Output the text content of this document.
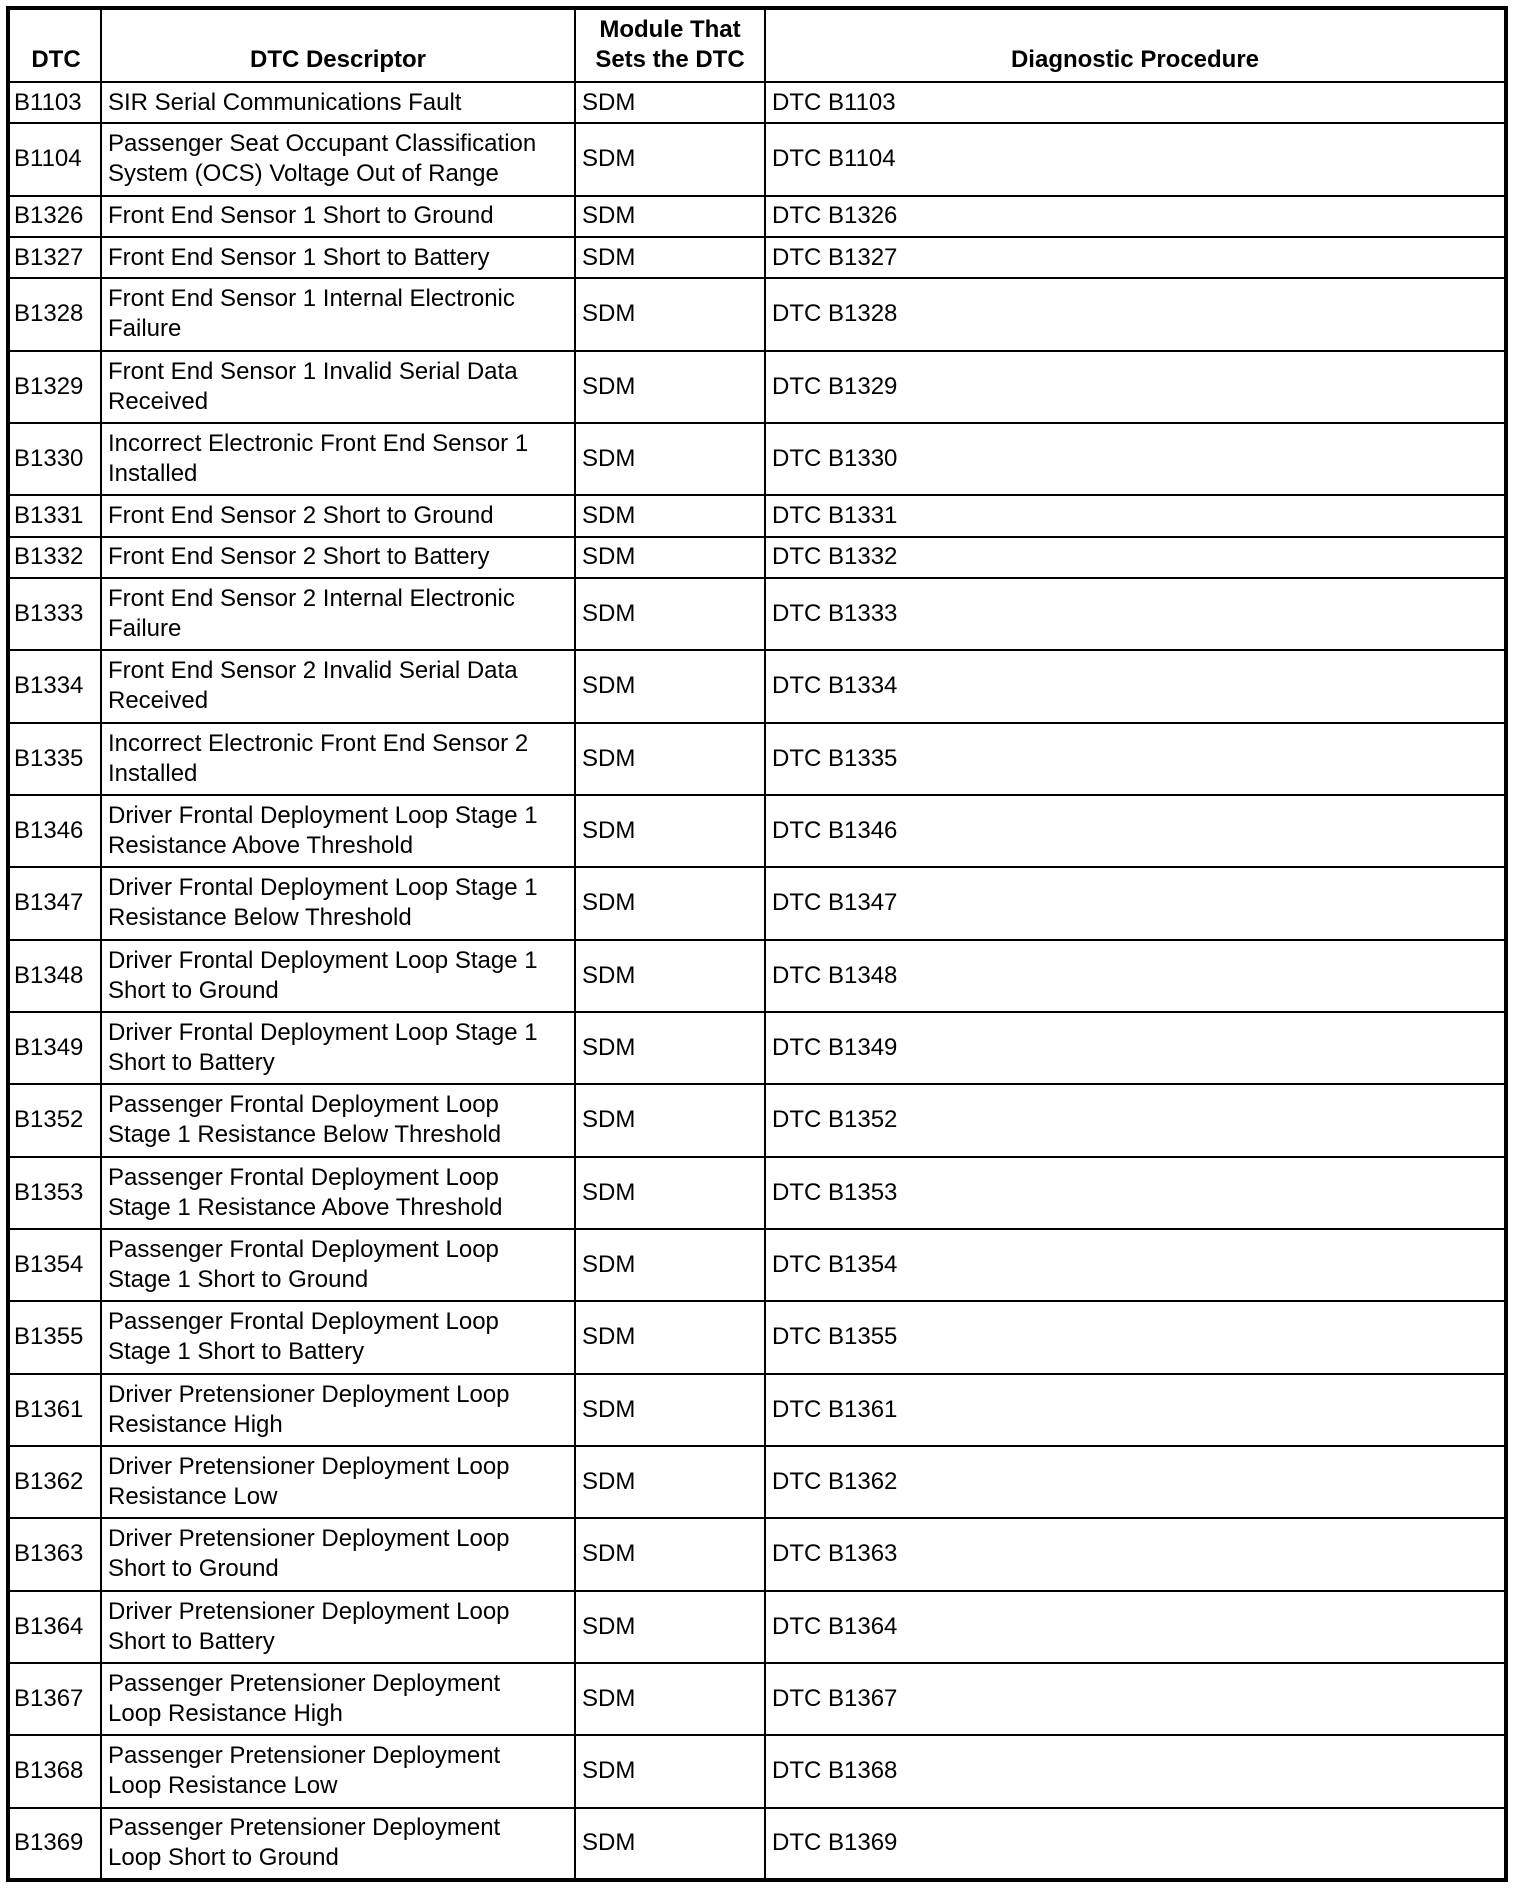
DTC	DTC Descriptor	Module That
Sets the DTC	Diagnostic Procedure
B1103	SIR Serial Communications Fault	SDM	DTC B1103
B1104	Passenger Seat Occupant Classification
System (OCS) Voltage Out of Range	SDM	DTC B1104
B1326	Front End Sensor 1 Short to Ground	SDM	DTC B1326
B1327	Front End Sensor 1 Short to Battery	SDM	DTC B1327
B1328	Front End Sensor 1 Internal Electronic
Failure	SDM	DTC B1328
B1329	Front End Sensor 1 Invalid Serial Data
Received	SDM	DTC B1329
B1330	Incorrect Electronic Front End Sensor 1
Installed	SDM	DTC B1330
B1331	Front End Sensor 2 Short to Ground	SDM	DTC B1331
B1332	Front End Sensor 2 Short to Battery	SDM	DTC B1332
B1333	Front End Sensor 2 Internal Electronic
Failure	SDM	DTC B1333
B1334	Front End Sensor 2 Invalid Serial Data
Received	SDM	DTC B1334
B1335	Incorrect Electronic Front End Sensor 2
Installed	SDM	DTC B1335
B1346	Driver Frontal Deployment Loop Stage 1
Resistance Above Threshold	SDM	DTC B1346
B1347	Driver Frontal Deployment Loop Stage 1
Resistance Below Threshold	SDM	DTC B1347
B1348	Driver Frontal Deployment Loop Stage 1
Short to Ground	SDM	DTC B1348
B1349	Driver Frontal Deployment Loop Stage 1
Short to Battery	SDM	DTC B1349
B1352	Passenger Frontal Deployment Loop
Stage 1 Resistance Below Threshold	SDM	DTC B1352
B1353	Passenger Frontal Deployment Loop
Stage 1 Resistance Above Threshold	SDM	DTC B1353
B1354	Passenger Frontal Deployment Loop
Stage 1 Short to Ground	SDM	DTC B1354
B1355	Passenger Frontal Deployment Loop
Stage 1 Short to Battery	SDM	DTC B1355
B1361	Driver Pretensioner Deployment Loop
Resistance High	SDM	DTC B1361
B1362	Driver Pretensioner Deployment Loop
Resistance Low	SDM	DTC B1362
B1363	Driver Pretensioner Deployment Loop
Short to Ground	SDM	DTC B1363
B1364	Driver Pretensioner Deployment Loop
Short to Battery	SDM	DTC B1364
B1367	Passenger Pretensioner Deployment
Loop Resistance High	SDM	DTC B1367
B1368	Passenger Pretensioner Deployment
Loop Resistance Low	SDM	DTC B1368
B1369	Passenger Pretensioner Deployment
Loop Short to Ground	SDM	DTC B1369
